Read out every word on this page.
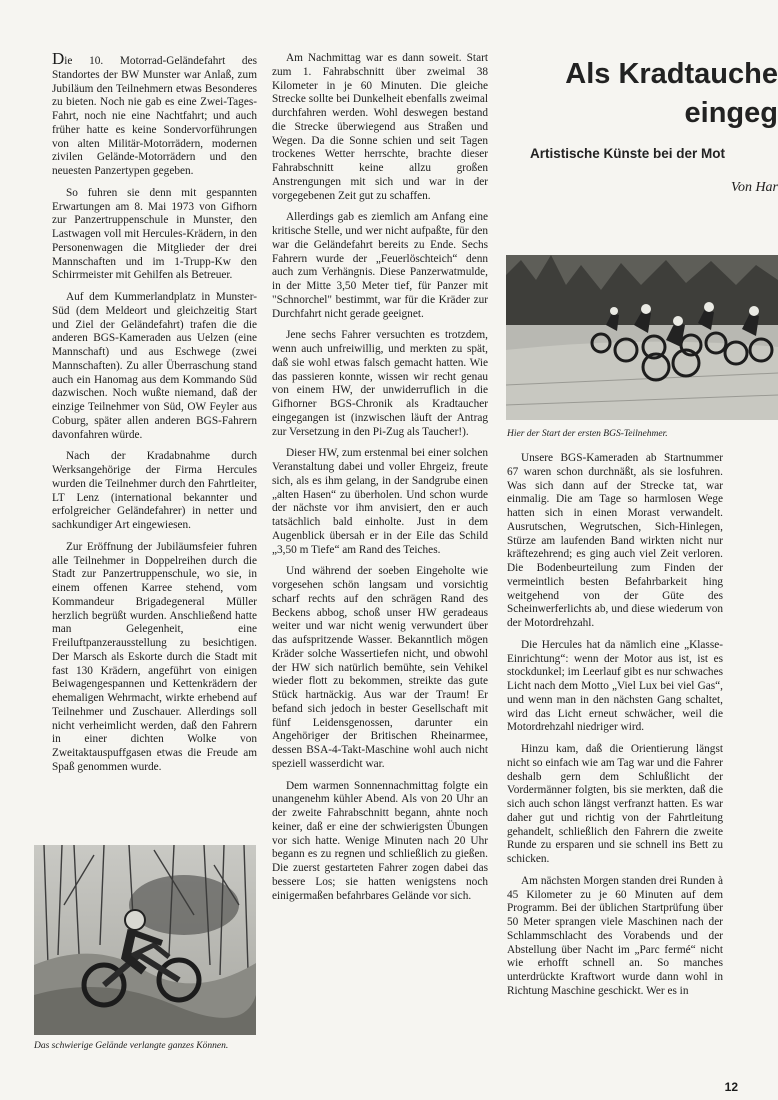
Die 10. Motorrad-Geländefahrt des Standortes der BW Munster war Anlaß, zum Jubiläum den Teilnehmern etwas Besonderes zu bieten. Noch nie gab es eine Zwei-Tages-Fahrt, noch nie eine Nachtfahrt; und auch früher hatte es keine Sondervorführungen von alten Militär-Motorrädern, modernen zivilen Gelände-Motorrädern und den neuesten Panzertypen gegeben.

So fuhren sie denn mit gespannten Erwartungen am 8. Mai 1973 von Gifhorn zur Panzertruppenschule in Munster, den Lastwagen voll mit Hercules-Krädern, in den Personenwagen die Mitglieder der drei Mannschaften und im 1-Trupp-Kw den Schirrmeister mit Gehilfen als Betreuer.

Auf dem Kummerlandplatz in Munster-Süd (dem Meldeort und gleichzeitig Start und Ziel der Geländefahrt) trafen die die anderen BGS-Kameraden aus Uelzen (eine Mannschaft) und aus Eschwege (zwei Mannschaften). Zu aller Überraschung stand auch ein Hanomag aus dem Kommando Süd dazwischen. Noch wußte niemand, daß der einzige Teilnehmer von Süd, OW Feyler aus Coburg, später allen anderen BGS-Fahrern davonfahren würde.

Nach der Kradabnahme durch Werksangehörige der Firma Hercules wurden die Teilnehmer durch den Fahrtleiter, LT Lenz (international bekannter und erfolgreicher Geländefahrer) in netter und sachkundiger Art eingewiesen.

Zur Eröffnung der Jubiläumsfeier fuhren alle Teilnehmer in Doppelreihen durch die Stadt zur Panzertruppenschule, wo sie, in einem offenen Karree stehend, vom Kommandeur Brigadegeneral Müller herzlich begrüßt wurden. Anschließend hatte man Gelegenheit, eine Freiluftpanzerausstellung zu besichtigen. Der Marsch als Eskorte durch die Stadt mit fast 130 Krädern, angeführt von einigen Beiwagengespannen und Kettenkrädern der ehemaligen Wehrmacht, wirkte erhebend auf Teilnehmer und Zuschauer. Allerdings soll nicht verheimlicht werden, daß den Fahrern in einer dichten Wolke von Zweitaktauspuffgasen etwas die Freude am Spaß genommen wurde.

Das schwierige Gelände verlangte ganzes Können.

Am Nachmittag war es dann soweit. Start zum 1. Fahrabschnitt über zweimal 38 Kilometer in je 60 Minuten. Die gleiche Strecke sollte bei Dunkelheit ebenfalls zweimal durchfahren werden. Wohl deswegen bestand die Strecke überwiegend aus Straßen und Wegen. Da die Sonne schien und seit Tagen trockenes Wetter herrschte, brachte dieser Fahrabschnitt keine allzu großen Anstrengungen mit sich und war in der vorgegebenen Zeit gut zu schaffen.

Allerdings gab es ziemlich am Anfang eine kritische Stelle, und wer nicht aufpaßte, für den war die Geländefahrt bereits zu Ende. Sechs Fahrern wurde der „Feuerlöschteich“ denn auch zum Verhängnis. Diese Panzerwatmulde, in der Mitte 3,50 Meter tief, für Panzer mit "Schnorchel" bestimmt, war für die Kräder zur Durchfahrt nicht gerade geeignet.

Jene sechs Fahrer versuchten es trotzdem, wenn auch unfreiwillig, und merkten zu spät, daß sie wohl etwas falsch gemacht hatten. Wie das passieren konnte, wissen wir recht genau von einem HW, der unwiderruflich in die Gifhorner BGS-Chronik als Kradtaucher eingegangen ist (inzwischen läuft der Antrag zur Versetzung in den Pi-Zug als Taucher!).

Dieser HW, zum erstenmal bei einer solchen Veranstaltung dabei und voller Ehrgeiz, freute sich, als es ihm gelang, in der Sandgrube einen „alten Hasen“ zu überholen. Und schon wurde der nächste vor ihm anvisiert, den er auch tatsächlich bald einholte. Just in dem Augenblick übersah er in der Eile das Schild „3,50 m Tiefe“ am Rand des Teiches.

Und während der soeben Eingeholte wie vorgesehen schön langsam und vorsichtig scharf rechts auf den schrägen Rand des Beckens abbog, schoß unser HW geradeaus weiter und war nicht wenig verwundert über das aufspritzende Wasser. Bekanntlich mögen Kräder solche Wassertiefen nicht, und obwohl der HW sich natürlich bemühte, sein Vehikel wieder flott zu bekommen, streikte das gute Stück hartnäckig. Aus war der Traum! Er befand sich jedoch in bester Gesellschaft mit fünf Leidensgenossen, darunter ein Angehöriger der Britischen Rheinarmee, dessen BSA-4-Takt-Maschine wohl auch nicht speziell wasserdicht war.

Dem warmen Sonnennachmittag folgte ein unangenehm kühler Abend. Als von 20 Uhr an der zweite Fahrabschnitt begann, ahnte noch keiner, daß er eine der schwierigsten Übungen vor sich hatte. Wenige Minuten nach 20 Uhr begann es zu regnen und schließlich zu gießen. Die zuerst gestarteten Fahrer zogen dabei das bessere Los; sie hatten wenigstens noch einigermaßen befahrbares Gelände vor sich.

Als Kradtauche
eingeg
Artistische Künste bei der Mot
Von Har
Hier der Start der ersten BGS-Teilnehmer.

Unsere BGS-Kameraden ab Startnummer 67 waren schon durchnäßt, als sie losfuhren. Was sich dann auf der Strecke tat, war einmalig. Die am Tage so harmlosen Wege hatten sich in einen Morast verwandelt. Ausrutschen, Wegrutschen, Sich-Hinlegen, Stürze am laufenden Band wirkten nicht nur kräftezehrend; es ging auch viel Zeit verloren. Die Bodenbeurteilung zum Finden der vermeintlich besten Befahrbarkeit hing weitgehend von der Güte des Scheinwerferlichts ab, und diese wiederum von der Motordrehzahl.

Die Hercules hat da nämlich eine „Klasse-Einrichtung“: wenn der Motor aus ist, ist es stockdunkel; im Leerlauf gibt es nur schwaches Licht nach dem Motto „Viel Lux bei viel Gas“, und wenn man in den nächsten Gang schaltet, wird das Licht erneut schwächer, weil die Motordrehzahl niedriger wird.

Hinzu kam, daß die Orientierung längst nicht so einfach wie am Tag war und die Fahrer deshalb gern dem Schlußlicht der Vordermänner folgten, bis sie merkten, daß die sich auch schon längst verfranzt hatten. Es war daher gut und richtig von der Fahrtleitung gehandelt, schließlich den Fahrern die zweite Runde zu ersparen und sie schnell ins Bett zu schicken.

Am nächsten Morgen standen drei Runden à 45 Kilometer zu je 60 Minuten auf dem Programm. Bei der üblichen Startprüfung über 50 Meter sprangen viele Maschinen nach der Schlammschlacht des Vorabends und der Abstellung über Nacht im „Parc fermé“ nicht wie erhofft schnell an. So manches unterdrückte Kraftwort wurde dann wohl in Richtung Maschine geschickt. Wer es in

12
